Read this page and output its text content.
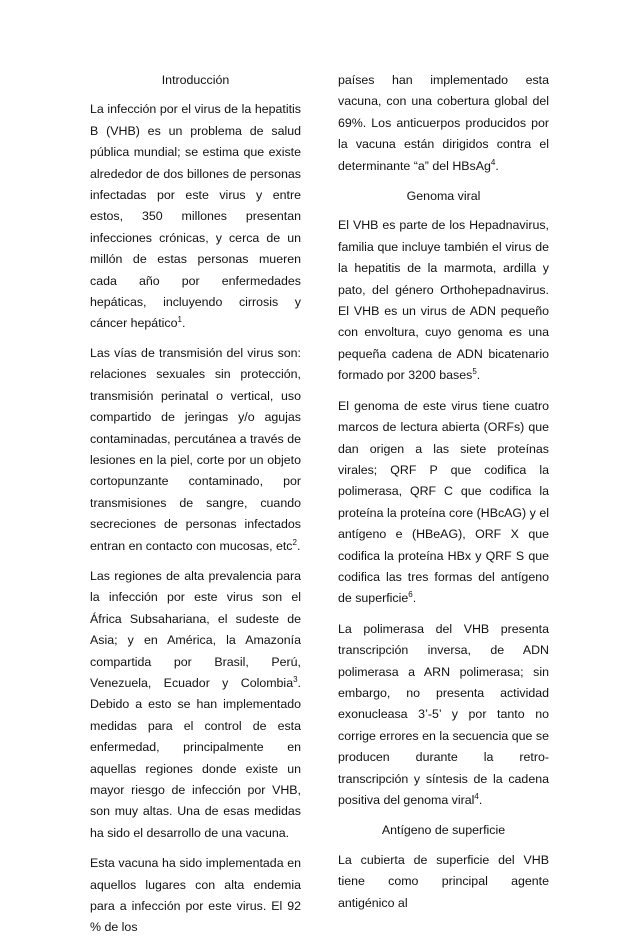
Introducción

La infección por el virus de la hepatitis B (VHB) es un problema de salud pública mundial; se estima que existe alrededor de dos billones de personas infectadas por este virus y entre estos, 350 millones presentan infecciones crónicas, y cerca de un millón de estas personas mueren cada año por enfermedades hepáticas, incluyendo cirrosis y cáncer hepático$^1$.

Las vías de transmisión del virus son: relaciones sexuales sin protección, transmisión perinatal o vertical, uso compartido de jeringas y/o agujas contaminadas, percutánea a través de lesiones en la piel, corte por un objeto cortopunzante contaminado, por transmisiones de sangre, cuando secreciones de personas infectados entran en contacto con mucosas, etc$^2$.

Las regiones de alta prevalencia para la infección por este virus son el África Subsahariana, el sudeste de Asia; y en América, la Amazonía compartida por Brasil, Perú, Venezuela, Ecuador y Colombia$^3$. Debido a esto se han implementado medidas para el control de esta enfermedad, principalmente en aquellas regiones donde existe un mayor riesgo de infección por VHB, son muy altas. Una de esas medidas ha sido el desarrollo de una vacuna.

Esta vacuna ha sido implementada en aquellos lugares con alta endemia para a infección por este virus. El 92 % de los

países han implementado esta vacuna, con una cobertura global del 69%. Los anticuerpos producidos por la vacuna están dirigidos contra el determinante “a” del HBsAg$^4$.

Genoma viral

El VHB es parte de los Hepadnavirus, familia que incluye también el virus de la hepatitis de la marmota, ardilla y pato, del género Orthohepadnavirus. El VHB es un virus de ADN pequeño con envoltura, cuyo genoma es una pequeña cadena de ADN bicatenario formado por 3200 bases$^5$.

El genoma de este virus tiene cuatro marcos de lectura abierta (ORFs) que dan origen a las siete proteínas virales; QRF P que codifica la polimerasa, QRF C que codifica la proteína la proteína core (HBcAG) y el antígeno e (HBeAG), ORF X que codifica la proteína HBx y QRF S que codifica las tres formas del antígeno de superficie$^6$.

La polimerasa del VHB presenta transcripción inversa, de ADN polimerasa a ARN polimerasa; sin embargo, no presenta actividad exonucleasa 3’-5’ y por tanto no corrige errores en la secuencia que se producen durante la retro-transcripción y síntesis de la cadena positiva del genoma viral$^4$.

Antígeno de superficie

La cubierta de superficie del VHB tiene como principal agente antigénico al
